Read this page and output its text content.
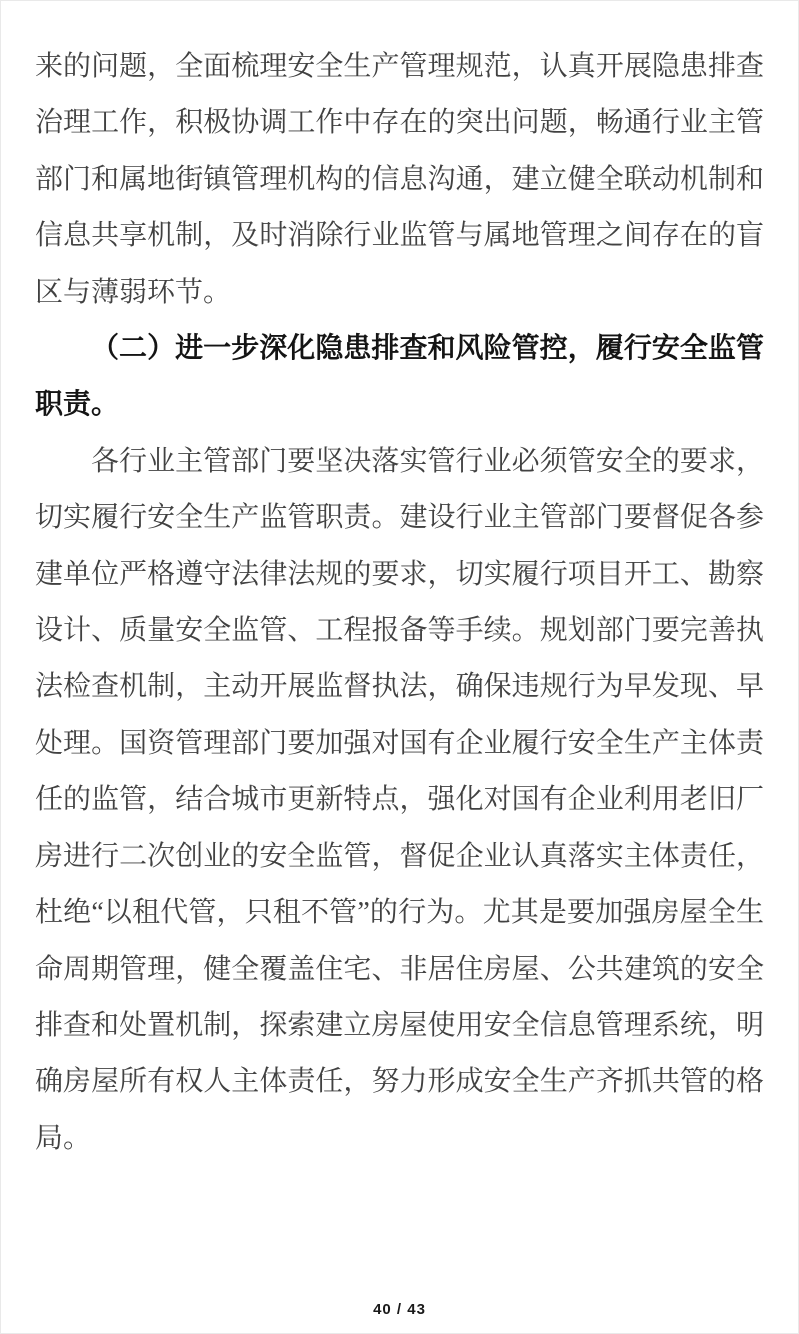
来的问题，全面梳理安全生产管理规范，认真开展隐患排查治理工作，积极协调工作中存在的突出问题，畅通行业主管部门和属地街镇管理机构的信息沟通，建立健全联动机制和信息共享机制，及时消除行业监管与属地管理之间存在的盲区与薄弱环节。

（二）进一步深化隐患排查和风险管控，履行安全监管职责。

各行业主管部门要坚决落实管行业必须管安全的要求，切实履行安全生产监管职责。建设行业主管部门要督促各参建单位严格遵守法律法规的要求，切实履行项目开工、勘察设计、质量安全监管、工程报备等手续。规划部门要完善执法检查机制，主动开展监督执法，确保违规行为早发现、早处理。国资管理部门要加强对国有企业履行安全生产主体责任的监管，结合城市更新特点，强化对国有企业利用老旧厂房进行二次创业的安全监管，督促企业认真落实主体责任，杜绝“以租代管，只租不管”的行为。尤其是要加强房屋全生命周期管理，健全覆盖住宅、非居住房屋、公共建筑的安全排查和处置机制，探索建立房屋使用安全信息管理系统，明确房屋所有权人主体责任，努力形成安全生产齐抓共管的格局。

40 / 43
